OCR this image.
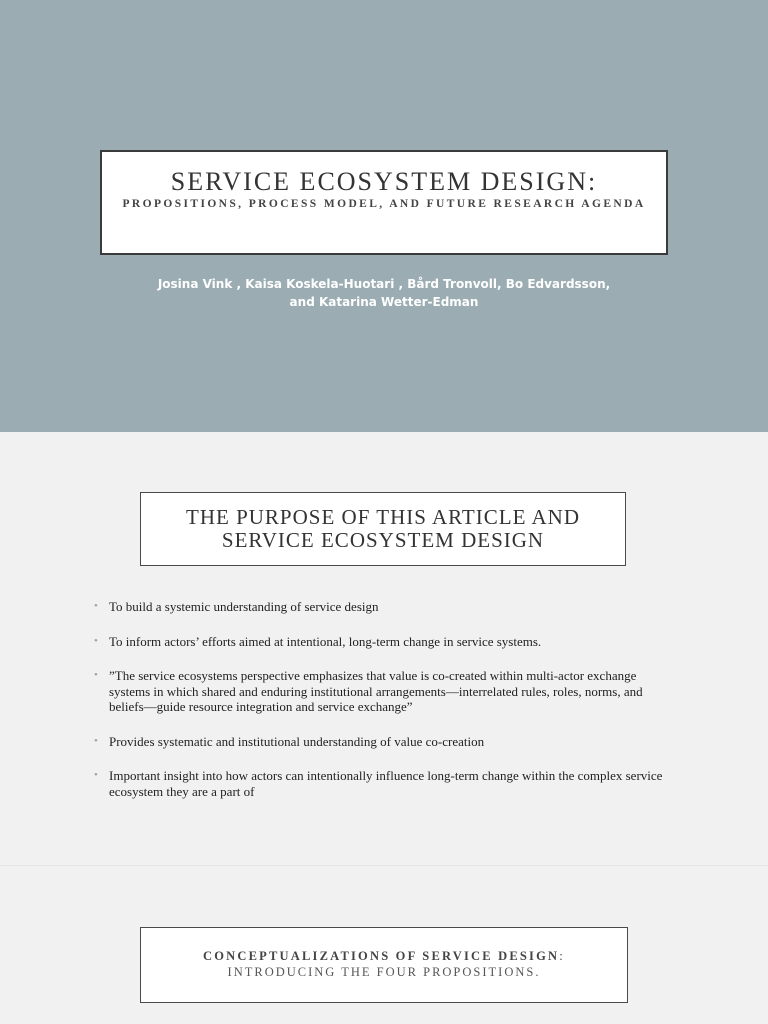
SERVICE ECOSYSTEM DESIGN:
PROPOSITIONS, PROCESS MODEL, AND FUTURE RESEARCH AGENDA
Josina Vink , Kaisa Koskela-Huotari , Bård Tronvoll, Bo Edvardsson,
and Katarina Wetter-Edman
THE PURPOSE OF THIS ARTICLE AND
SERVICE ECOSYSTEM DESIGN
• To build a systemic understanding of service design
• To inform actors’ efforts aimed at intentional, long-term change in service systems.
• ”The service ecosystems perspective emphasizes that value is co-created within multi-actor exchange systems in which shared and enduring institutional arrangements—interrelated rules, roles, norms, and beliefs—guide resource integration and service exchange”
• Provides systematic and institutional understanding of value co-creation
• Important insight into how actors can intentionally influence long-term change within the complex service ecosystem they are a part of
CONCEPTUALIZATIONS OF SERVICE DESIGN:
INTRODUCING THE FOUR PROPOSITIONS.
